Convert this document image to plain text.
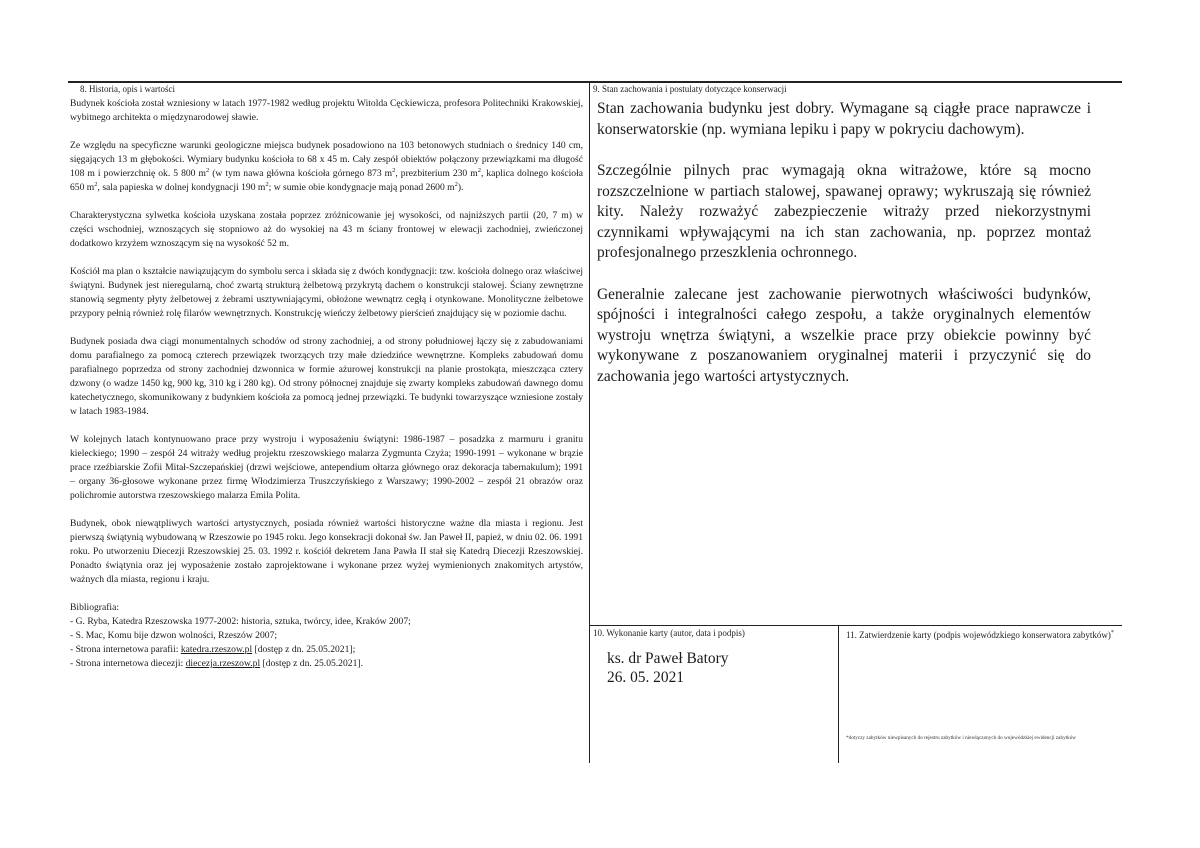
8. Historia, opis i wartości

Budynek kościoła został wzniesiony w latach 1977-1982 według projektu Witolda Cęckiewicza, profesora Politechniki Krakowskiej, wybitnego architekta o międzynarodowej sławie.

Ze względu na specyficzne warunki geologiczne miejsca budynek posadowiono na 103 betonowych studniach o średnicy 140 cm, sięgających 13 m głębokości. Wymiary budynku kościoła to 68 x 45 m. Cały zespół obiektów połączony przewiązkami ma długość 108 m i powierzchnię ok. 5 800 $m^2$ (w tym nawa główna kościoła górnego 873 $m^2$, prezbiterium 230 $m^2$, kaplica dolnego kościoła 650 $m^2$, sala papieska w dolnej kondygnacji 190 $m^2$; w sumie obie kondygnacje mają ponad 2600 $m^2$).

Charakterystyczna sylwetka kościoła uzyskana została poprzez zróżnicowanie jej wysokości, od najniższych partii (20, 7 m) w części wschodniej, wznoszących się stopniowo aż do wysokiej na 43 m ściany frontowej w elewacji zachodniej, zwieńczonej dodatkowo krzyżem wznoszącym się na wysokość 52 m.

Kościół ma plan o kształcie nawiązującym do symbolu serca i składa się z dwóch kondygnacji: tzw. kościoła dolnego oraz właściwej świątyni. Budynek jest nieregularną, choć zwartą strukturą żelbetową przykrytą dachem o konstrukcji stalowej. Ściany zewnętrzne stanowią segmenty płyty żelbetowej z żebrami usztywniającymi, obłożone wewnątrz cegłą i otynkowane. Monolityczne żelbetowe przypory pełnią również rolę filarów wewnętrznych. Konstrukcję wieńczy żelbetowy pierścień znajdujący się w poziomie dachu.

Budynek posiada dwa ciągi monumentalnych schodów od strony zachodniej, a od strony południowej łączy się z zabudowaniami domu parafialnego za pomocą czterech przewiązek tworzących trzy małe dziedzińce wewnętrzne. Kompleks zabudowań domu parafialnego poprzedza od strony zachodniej dzwonnica w formie ażurowej konstrukcji na planie prostokąta, mieszcząca cztery dzwony (o wadze 1450 kg, 900 kg, 310 kg i 280 kg). Od strony północnej znajduje się zwarty kompleks zabudowań dawnego domu katechetycznego, skomunikowany z budynkiem kościoła za pomocą jednej przewiązki. Te budynki towarzyszące wzniesione zostały w latach 1983-1984.

W kolejnych latach kontynuowano prace przy wystroju i wyposażeniu świątyni: 1986-1987 – posadzka z marmuru i granitu kieleckiego; 1990 – zespół 24 witraży według projektu rzeszowskiego malarza Zygmunta Czyża; 1990-1991 – wykonane w brązie prace rzeźbiarskie Zofii Mitał-Szczepańskiej (drzwi wejściowe, antependium ołtarza głównego oraz dekoracja tabernakulum); 1991 – organy 36-głosowe wykonane przez firmę Włodzimierza Truszczyńskiego z Warszawy; 1990-2002 – zespół 21 obrazów oraz polichromie autorstwa rzeszowskiego malarza Emila Polita.

Budynek, obok niewątpliwych wartości artystycznych, posiada również wartości historyczne ważne dla miasta i regionu. Jest pierwszą świątynią wybudowaną w Rzeszowie po 1945 roku. Jego konsekracji dokonał św. Jan Paweł II, papież, w dniu 02. 06. 1991 roku. Po utworzeniu Diecezji Rzeszowskiej 25. 03. 1992 r. kościół dekretem Jana Pawła II stał się Katedrą Diecezji Rzeszowskiej. Ponadto świątynia oraz jej wyposażenie zostało zaprojektowane i wykonane przez wyżej wymienionych znakomitych artystów, ważnych dla miasta, regionu i kraju.

Bibliografia:
- G. Ryba, Katedra Rzeszowska 1977-2002: historia, sztuka, twórcy, idee, Kraków 2007;
- S. Mac, Komu bije dzwon wolności, Rzeszów 2007;
- Strona internetowa parafii: katedra.rzeszow.pl [dostęp z dn. 25.05.2021];
- Strona internetowa diecezji: diecezja.rzeszow.pl [dostęp z dn. 25.05.2021].
9. Stan zachowania i postulaty dotyczące konserwacji

Stan zachowania budynku jest dobry. Wymagane są ciągłe prace naprawcze i konserwatorskie (np. wymiana lepiku i papy w pokryciu dachowym).

Szczególnie pilnych prac wymagają okna witrażowe, które są mocno rozszczelnione w partiach stalowej, spawanej oprawy; wykruszają się również kity. Należy rozważyć zabezpieczenie witraży przed niekorzystnymi czynnikami wpływającymi na ich stan zachowania, np. poprzez montaż profesjonalnego przeszklenia ochronnego.

Generalnie zalecane jest zachowanie pierwotnych właściwości budynków, spójności i integralności całego zespołu, a także oryginalnych elementów wystroju wnętrza świątyni, a wszelkie prace przy obiekcie powinny być wykonywane z poszanowaniem oryginalnej materii i przyczynić się do zachowania jego wartości artystycznych.

10. Wykonanie karty (autor, data i podpis)
ks. dr Paweł Batory
26. 05. 2021
11. Zatwierdzenie karty (podpis wojewódzkiego konserwatora zabytków)*
*dotyczy zabytków niewpisanych do rejestru zabytków i niewłączonych do wojewódzkiej ewidencji zabytków
